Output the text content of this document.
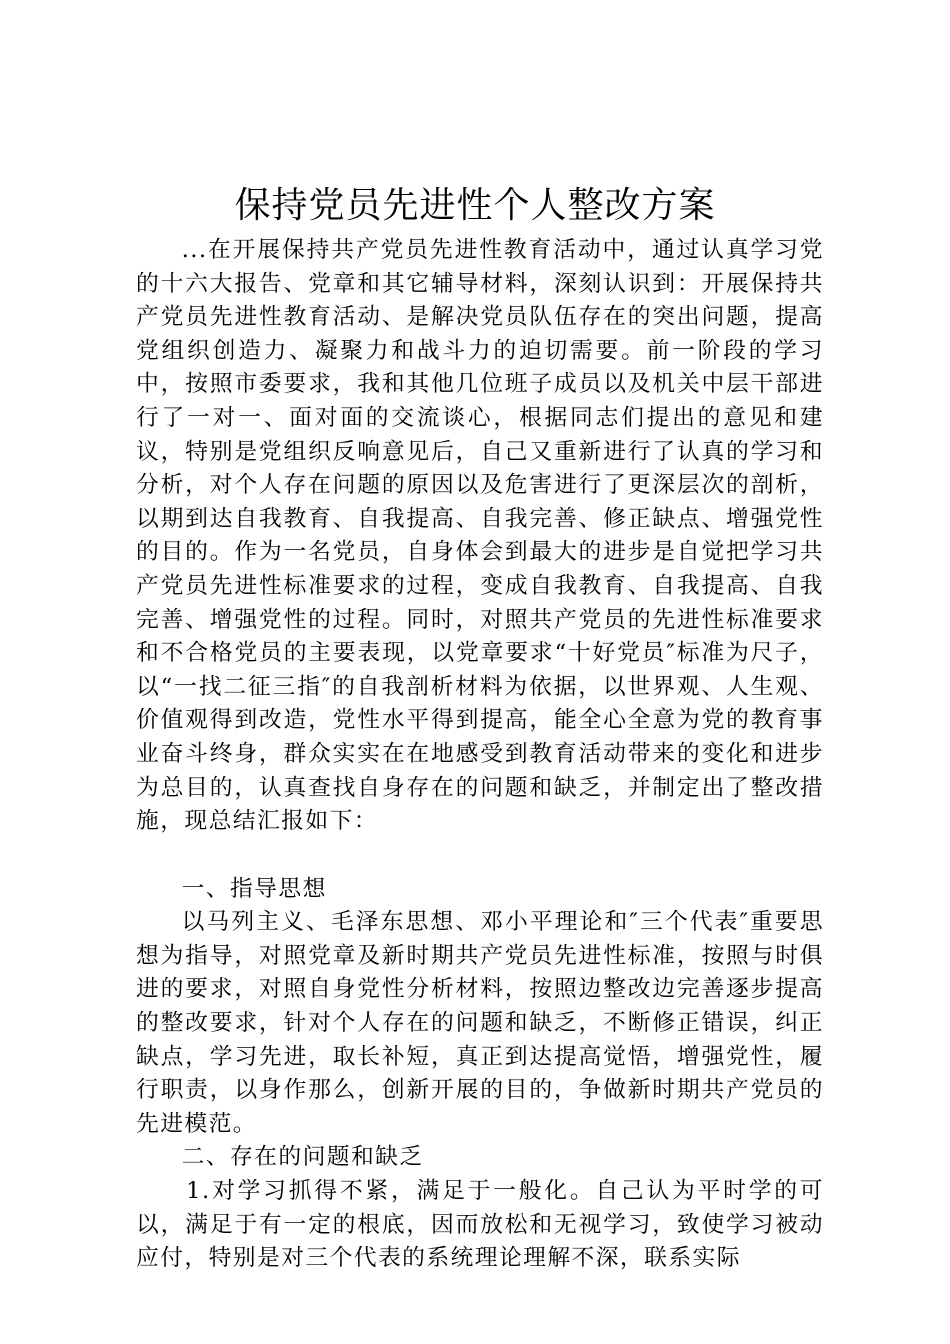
保持党员先进性个人整改方案

...在开展保持共产党员先进性教育活动中，通过认真学习党的十六大报告、党章和其它辅导材料，深刻认识到：开展保持共产党员先进性教育活动、是解决党员队伍存在的突出问题，提高党组织创造力、凝聚力和战斗力的迫切需要。前一阶段的学习中，按照市委要求，我和其他几位班子成员以及机关中层干部进行了一对一、面对面的交流谈心，根据同志们提出的意见和建议，特别是党组织反响意见后，自己又重新进行了认真的学习和分析，对个人存在问题的原因以及危害进行了更深层次的剖析，以期到达自我教育、自我提高、自我完善、修正缺点、增强党性的目的。作为一名党员，自身体会到最大的进步是自觉把学习共产党员先进性标准要求的过程，变成自我教育、自我提高、自我完善、增强党性的过程。同时，对照共产党员的先进性标准要求和不合格党员的主要表现，以党章要求“十好党员″标准为尺子，以“一找二征三指″的自我剖析材料为依据，以世界观、人生观、价值观得到改造，党性水平得到提高，能全心全意为党的教育事业奋斗终身，群众实实在在地感受到教育活动带来的变化和进步为总目的，认真查找自身存在的问题和缺乏，并制定出了整改措施，现总结汇报如下：

一、指导思想

以马列主义、毛泽东思想、邓小平理论和″三个代表″重要思想为指导，对照党章及新时期共产党员先进性标准，按照与时俱进的要求，对照自身党性分析材料，按照边整改边完善逐步提高的整改要求，针对个人存在的问题和缺乏，不断修正错误，纠正缺点，学习先进，取长补短，真正到达提高觉悟，增强党性，履行职责，以身作那么，创新开展的目的，争做新时期共产党员的先进模范。

二、存在的问题和缺乏

1.对学习抓得不紧，满足于一般化。自己认为平时学的可以，满足于有一定的根底，因而放松和无视学习，致使学习被动应付，特别是对三个代表的系统理论理解不深，联系实际
